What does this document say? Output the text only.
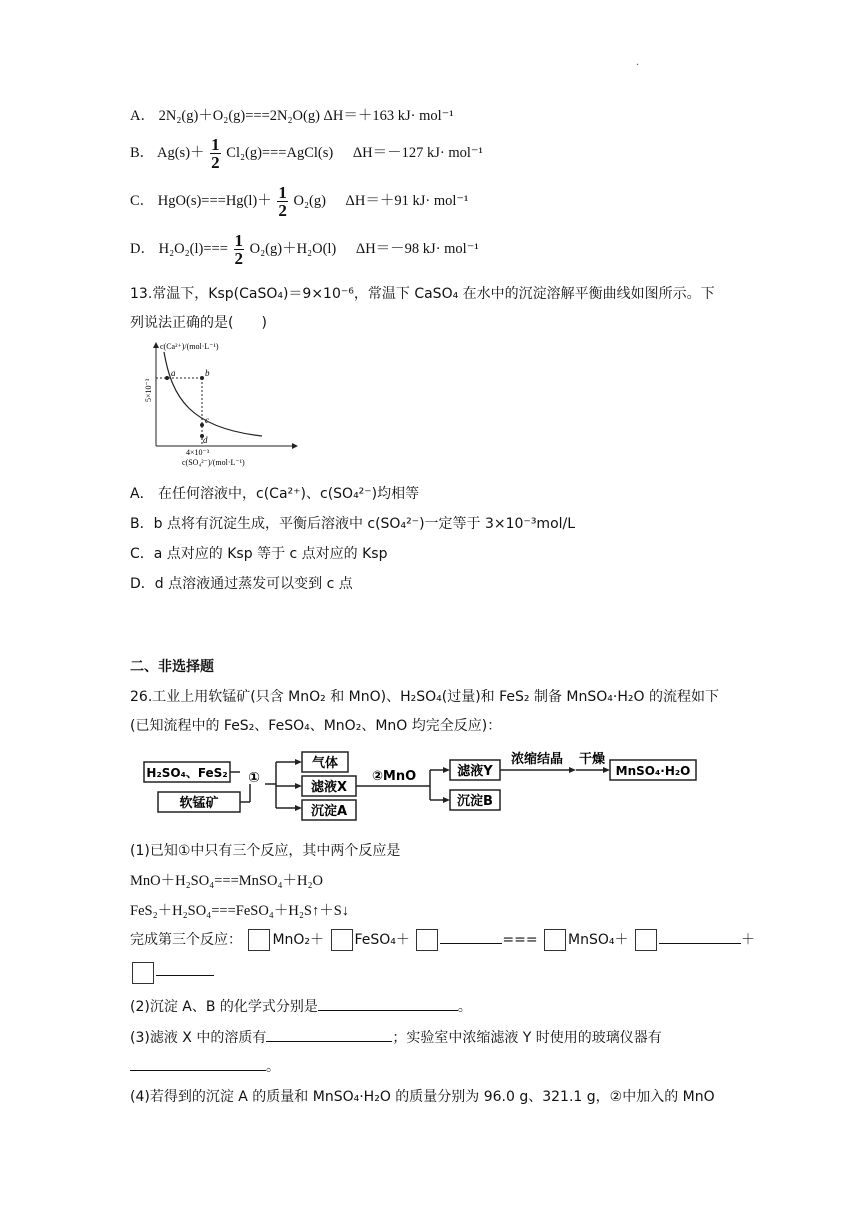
.
A． 2N₂(g)＋O₂(g)===2N₂O(g) ΔH＝＋163 kJ· mol⁻¹
B． $Ag(s)+ \frac{1}{2}$ Cl₂(g)===AgCl(s) ΔH＝－127 kJ· mol⁻¹
C． $HgO(s)===Hg(l)+ \frac{1}{2} O_2(g)$ ΔH＝＋91 kJ· mol⁻¹
D． $H_2O_2(l)=== \frac{1}{2} O_2(g)+H_2O(l)$ ΔH＝－98 kJ· mol⁻¹
13.常温下，Ksp(CaSO₄)＝9×10⁻⁶，常温下 CaSO₄ 在水中的沉淀溶解平衡曲线如图所示。下
列说法正确的是(　　)
a	b
c
d
c(Ca²⁺)/(mol·L⁻¹)
5×10⁻³
4×10⁻³
c(SO₄²⁻)/(mol·L⁻¹)
A． 在任何溶液中，c(Ca²⁺)、c(SO₄²⁻)均相等
B．b 点将有沉淀生成，平衡后溶液中 c(SO₄²⁻)一定等于 3×10⁻³mol/L
C．a 点对应的 Ksp 等于 c 点对应的 Ksp
D．d 点溶液通过蒸发可以变到 c 点
二、非选择题
26.工业上用软锰矿(只含 MnO₂ 和 MnO)、H₂SO₄(过量)和 FeS₂ 制备 MnSO₄·H₂O 的流程如下
(已知流程中的 FeS₂、FeSO₄、MnO₂、MnO 均完全反应)：
H₂SO₄、FeS₂
软锰矿
①
气体
滤液X
沉淀A
②MnO	滤液Y
沉淀B
浓缩结晶 干燥
MnSO₄·H₂O
(1)已知①中只有三个反应，其中两个反应是
MnO＋H₂SO₄===MnSO₄＋H₂O
FeS₂＋H₂SO₄===FeSO₄＋H₂S↑＋S↓
完成第三个反应： MnO₂＋ FeSO₄＋	=== MnSO₄＋	＋
(2)沉淀 A、B 的化学式分别是	。
(3)滤液 X 中的溶质有	；实验室中浓缩滤液 Y 时使用的玻璃仪器有
。
(4)若得到的沉淀 A 的质量和 MnSO₄·H₂O 的质量分别为 96.0 g、321.1 g，②中加入的 MnO
